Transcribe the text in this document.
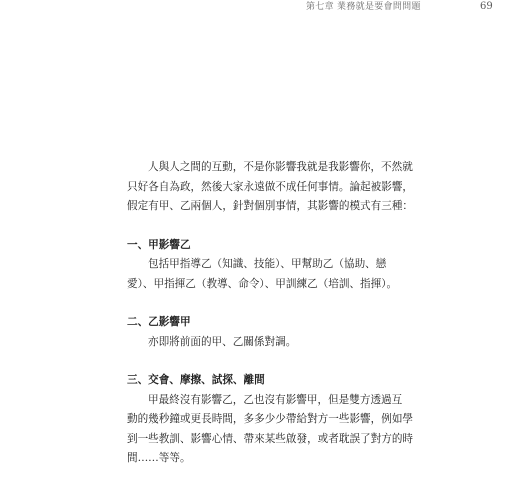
第七章 業務就是要會問問題	69

人與人之間的互動，不是你影響我就是我影響你，不然就
只好各自為政，然後大家永遠做不成任何事情。論起被影響，
假定有甲、乙兩個人，針對個別事情，其影響的模式有三種：

一、甲影響乙

包括甲指導乙（知識、技能）、甲幫助乙（協助、戀

愛）、甲指揮乙（教導、命令）、甲訓練乙（培訓、指揮）。

二、乙影響甲

亦即將前面的甲、乙關係對調。

三、交會、摩擦、試探、離間

甲最終沒有影響乙，乙也沒有影響甲，但是雙方透過互

動的幾秒鐘或更長時間，多多少少帶給對方一些影響，例如學
到一些教訓、影響心情、帶來某些啟發，或者耽誤了對方的時
間……等等。
